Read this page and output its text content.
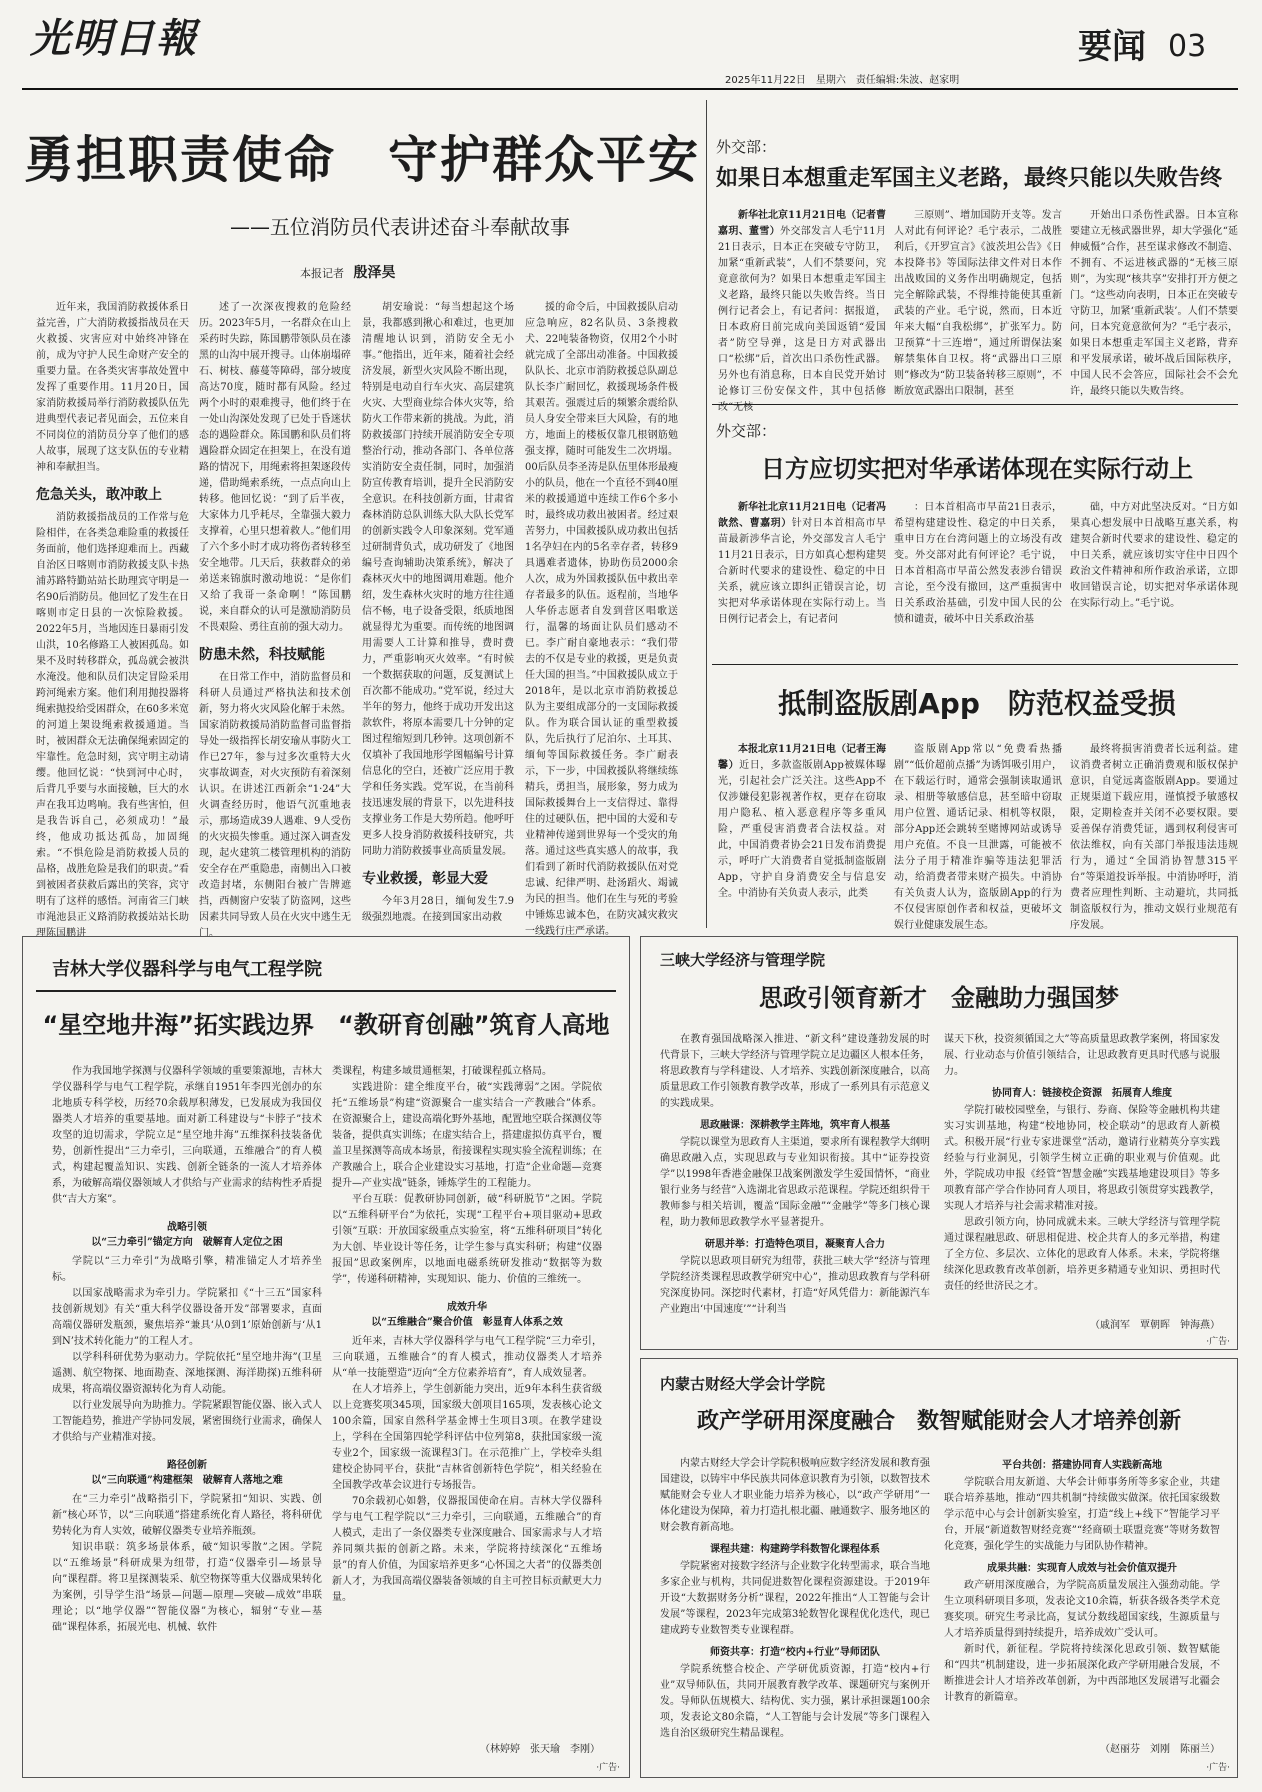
光明日報
2025年11月22日　星期六　责任编辑:朱波、赵家明
要闻 03
勇担职责使命　守护群众平安
——五位消防员代表讲述奋斗奉献故事
本报记者 殷泽昊

近年来，我国消防救援体系日益完善，广大消防救援指战员在天火救援、灾害应对中始终冲锋在前，成为守护人民生命财产安全的重要力量。在各类灾害事故处置中发挥了重要作用。11月20日，国家消防救援局举行消防救援队伍先进典型代表记者见面会，五位来自不同岗位的消防员分享了他们的感人故事，展现了这支队伍的专业精神和奉献担当。

危急关头，敢冲敢上

消防救援指战员的工作常与危险相伴，在各类急难险重的救援任务面前，他们选择迎难而上。西藏自治区日喀则市消防救援支队卡热浦苏路特勤站站长助理宾守明是一名90后消防员。他回忆了发生在日喀则市定日县的一次惊险救援。2022年5月，当地因连日暴雨引发山洪，10名修路工人被困孤岛。如果不及时转移群众，孤岛就会被洪水淹没。他和队员们决定冒险采用跨河绳索方案。他们利用抛投器将绳索抛投给受困群众，在60多米宽的河道上架设绳索救援通道。当时，被困群众无法确保绳索固定的牢靠性。危急时刻，宾守明主动请缨。他回忆说：“快到河中心时，后背几乎要与水面接触，巨大的水声在我耳边鸣响。我有些害怕，但是我告诉自己，必须成功！”最终，他成功抵达孤岛，加固绳索。“不惧危险是消防救援人员的品格，战胜危险是我们的职责。”看到被困者获救后露出的笑容，宾守明有了这样的感悟。河南省三门峡市渑池县正义路消防救援站站长助理陈国鹏讲

述了一次深夜搜救的危险经历。2023年5月，一名群众在山上采药时失踪，陈国鹏带领队员在漆黑的山沟中展开搜寻。山体崩塌碎石、树枝、藤蔓等障碍，部分坡度高达70度，随时都有风险。经过两个小时的艰难搜寻，他们终于在一处山沟深处发现了已处于昏迷状态的遇险群众。陈国鹏和队员们将遇险群众固定在担架上，在没有道路的情况下，用绳索将担架逐段传递，借助绳索系统，一点点向山上转移。他回忆说：“到了后半夜，大家体力几乎耗尽，全靠强大毅力支撑着，心里只想着救人。”他们用了六个多小时才成功将伤者转移至安全地带。几天后，获救群众的弟弟送来锦旗时激动地说：“是你们又给了我哥一条命啊！”陈国鹏说，来自群众的认可是激励消防员不畏艰险、勇往直前的强大动力。

防患未然，科技赋能

在日常工作中，消防监督员和科研人员通过严格执法和技术创新，努力将火灾风险化解于未然。国家消防救援局消防监督司监督指导处一级指挥长胡安瑜从事防火工作已27年，参与过多次重特大火灾事故调查，对火灾预防有着深刻认识。在讲述江西新余“1·24”大火调查经历时，他语气沉重地表示，那场造成39人遇难、9人受伤的火灾损失惨重。通过深入调查发现，起火建筑二楼管理机构的消防安全存在严重隐患，南侧出入口被改造封堵，东侧阳台被广告牌遮挡，西侧窗户安装了防盗网，这些因素共同导致人员在火灾中逃生无门。

胡安瑜说：“每当想起这个场景，我都感到揪心和难过，也更加清醒地认识到，消防安全无小事。”他指出，近年来，随着社会经济发展，新型火灾风险不断出现，特别是电动自行车火灾、高层建筑火灾、大型商业综合体火灾等，给防火工作带来新的挑战。为此，消防救援部门持续开展消防安全专项整治行动，推动各部门、各单位落实消防安全责任制，同时，加强消防宣传教育培训，提升全民消防安全意识。在科技创新方面，甘肃省森林消防总队训练大队大队长党军的创新实践令人印象深刻。党军通过研制背负式，成功研发了《地图编号查询辅助决策系统》，解决了森林灭火中的地图调用难题。他介绍，发生森林火灾时的地方往往通信不畅，电子设备受限，纸质地图就显得尤为重要。而传统的地图调用需要人工计算和推导，费时费力，严重影响灭火效率。“有时候一个数据获取的问题，反复测试上百次都不能成功。”党军说，经过大半年的努力，他终于成功开发出这款软件，将原本需要几十分钟的定图过程缩短到几秒钟。这项创新不仅填补了我国地形学图幅编号计算信息化的空白，还被广泛应用于教学和任务实践。党军说，在当前科技迅速发展的背景下，以先进科技支撑业务工作是大势所趋。他呼吁更多人投身消防救援科技研究，共同助力消防救援事业高质量发展。

专业救援，彰显大爱

今年3月28日，缅甸发生7.9级强烈地震。在接到国家出动救

援的命令后，中国救援队启动应急响应，82名队员、3条搜救犬、22吨装备物资，仅用2个小时就完成了全部出动准备。中国救援队队长、北京市消防救援总队副总队长李广耐回忆，救援现场条件极其艰苦。强震过后的频繁余震给队员人身安全带来巨大风险，有的地方，地面上的楼板仅靠几根钢筋勉强支撑，随时可能发生二次坍塌。00后队员李圣涛是队伍里体形最瘦小的队员，他在一个直径不到40厘米的救援通道中连续工作6个多小时，最终成功救出被困者。经过艰苦努力，中国救援队成功救出包括1名孕妇在内的5名幸存者，转移9具遇难者遗体，协助伤员2000余人次，成为外国救援队伍中救出幸存者最多的队伍。返程前，当地华人华侨志愿者自发到营区唱歌送行，温馨的场面让队员们感动不已。李广耐自豪地表示：“我们带去的不仅是专业的救援，更是负责任大国的担当。”中国救援队成立于2018年，是以北京市消防救援总队为主要组成部分的一支国际救援队。作为联合国认证的重型救援队，先后执行了尼泊尔、土耳其、缅甸等国际救援任务。李广耐表示，下一步，中国救援队将继续练精兵，勇担当，展形象，努力成为国际救援舞台上一支信得过、靠得住的过硬队伍，把中国的大爱和专业精神传递到世界每一个受灾的角落。通过这些真实感人的故事，我们看到了新时代消防救援队伍对党忠诚、纪律严明、赴汤蹈火、竭诚为民的担当。他们在生与死的考验中锤炼忠诚本色，在防灾减灾救灾一线践行庄严承诺。

外交部：
如果日本想重走军国主义老路，最终只能以失败告终

新华社北京11月21日电（记者曹嘉玥、董雪）外交部发言人毛宁11月21日表示，日本正在突破专守防卫，加紧“重新武装”，人们不禁要问，究竟意欲何为？如果日本想重走军国主义老路，最终只能以失败告终。当日例行记者会上，有记者问：据报道，日本政府日前完成向美国返销“爱国者”防空导弹，这是日方对武器出口“松绑”后，首次出口杀伤性武器。另外也有消息称，日本自民党开始讨论修订三份安保文件，其中包括修改“无核

三原则”、增加国防开支等。发言人对此有何评论？毛宁表示，二战胜利后，《开罗宣言》《波茨坦公告》《日本投降书》等国际法律文件对日本作出战败国的义务作出明确规定，包括完全解除武装，不得维持能使其重新武装的产业。毛宁说，然而，日本近年来大幅“自我松绑”，扩张军力。防卫预算“十三连增”，通过所谓保法案解禁集体自卫权。将“武器出口三原则”修改为“防卫装备转移三原则”，不断放宽武器出口限制，甚至

开始出口杀伤性武器。日本宣称要建立无核武器世界，却大学强化“延伸威慑”合作，甚至谋求修改不制造、不拥有、不运进核武器的“无核三原则”，为实现“核共享”安排打开方便之门。“这些动向表明，日本正在突破专守防卫，加紧‘重新武装’。人们不禁要问，日本究竟意欲何为？”毛宁表示，如果日本想重走军国主义老路，背弃和平发展承诺，破坏战后国际秩序，中国人民不会答应，国际社会不会允许，最终只能以失败告终。

外交部：
日方应切实把对华承诺体现在实际行动上

新华社北京11月21日电（记者冯歆然、曹嘉玥）针对日本首相高市早苗最新涉华言论，外交部发言人毛宁11月21日表示，日方如真心想构建契合新时代要求的建设性、稳定的中日关系，就应该立即纠正错误言论，切实把对华承诺体现在实际行动上。当日例行记者会上，有记者问

：日本首相高市早苗21日表示，希望构建建设性、稳定的中日关系，重申日方在台湾问题上的立场没有改变。外交部对此有何评论？毛宁说，日本首相高市早苗公然发表涉台错误言论，至今没有撤回，这严重损害中日关系政治基础，引发中国人民的公愤和谴责，破坏中日关系政治基

础，中方对此坚决反对。“日方如果真心想发展中日战略互惠关系，构建契合新时代要求的建设性、稳定的中日关系，就应该切实守住中日四个政治文件精神和所作政治承诺，立即收回错误言论，切实把对华承诺体现在实际行动上。”毛宁说。

抵制盗版剧App　防范权益受损

本报北京11月21日电（记者王海馨）近日，多款盗版剧App被媒体曝光，引起社会广泛关注。这些App不仅涉嫌侵犯影视著作权，更存在窃取用户隐私、植入恶意程序等多重风险，严重侵害消费者合法权益。对此，中国消费者协会21日发布消费提示，呼吁广大消费者自觉抵制盗版剧App，守护自身消费安全与信息安全。中消协有关负责人表示，此类

盗版剧App常以“免费看热播剧”“低价超前点播”为诱饵吸引用户，在下载运行时，通常会强制读取通讯录、相册等敏感信息，甚至暗中窃取用户位置、通话记录、相机等权限，部分App还会跳转至赌博网站或诱导用户充值。不良一旦泄露，可能被不法分子用于精准诈骗等违法犯罪活动，给消费者带来财产损失。中消协有关负责人认为，盗版剧App的行为不仅侵害原创作者和权益，更破坏文娱行业健康发展生态。

最终将损害消费者长远利益。建议消费者树立正确消费观和版权保护意识，自觉远离盗版剧App。要通过正规渠道下载应用，谨慎授予敏感权限，定期检查并关闭不必要权限。要妥善保存消费凭证，遇到权利侵害可依法维权，向有关部门举报违法违规行为，通过“全国消协智慧315平台”等渠道投诉举报。中消协呼吁，消费者应理性判断、主动避坑，共同抵制盗版权行为，推动文娱行业规范有序发展。

吉林大学仪器科学与电气工程学院
“星空地井海”拓实践边界　“教研育创融”筑育人高地

作为我国地学探测与仪器科学领域的重要策源地，吉林大学仪器科学与电气工程学院，承继自1951年李四光创办的东北地质专科学校，历经70余载厚积薄发，已发展成为我国仪器类人才培养的重要基地。面对新工科建设与“卡脖子”技术攻坚的迫切需求，学院立足“星空地井海”五维探科技装备优势，创新性提出“三力牵引，三向联通，五维融合”的育人模式，构建起覆盖知识、实践、创新全链条的一流人才培养体系，为破解高端仪器领域人才供给与产业需求的结构性矛盾提供“吉大方案”。

战略引领
以“三力牵引”锚定方向　破解育人定位之困

学院以“三力牵引”为战略引擎，精准锚定人才培养坐标。

以国家战略需求为牵引力。学院紧扣《“十三五”国家科技创新规划》有关“重大科学仪器设备开发”部署要求，直面高端仪器研发瓶颈，聚焦培养“兼具‘从0到1’原始创新与‘从1到N’技术转化能力”的工程人才。

以学科科研优势为驱动力。学院依托“星空地井海”(卫星遥测、航空物探、地面勘查、深地探测、海洋勘探)五维科研成果，将高端仪器资源转化为育人动能。

以行业发展导向为助推力。学院紧跟智能仪器、嵌入式人工智能趋势，推进产学协同发展，紧密围绕行业需求，确保人才供给与产业精准对接。

路径创新
以“三向联通”构建框架　破解育人落地之难

在“三力牵引”战略指引下，学院紧扣“知识、实践、创新”核心环节，以“三向联通”搭建系统化育人路径，将科研优势转化为育人实效，破解仪器类专业培养瓶颈。

知识串联：筑多场景体系，破“知识零散”之困。学院以“五维场景”科研成果为纽带，打造“仪器牵引—场景导向”课程群。将卫星探测装采、航空物探等重大仪器成果转化为案例，引导学生沿“场景—问题—原理—突破—成效”串联理论；以“地学仪器”“智能仪器”为核心，辐射“专业—基础”课程体系，拓展光电、机械、软件

类课程，构建多域贯通框架，打破课程孤立格局。

实践进阶：建全维度平台，破“实践薄弱”之困。学院依托“五维场景”构建“资源聚合一虚实结合一产教融合”体系。在资源聚合上，建设高端化野外基地，配置地空联合探测仪等装备，提供真实训练；在虚实结合上，搭建虚拟仿真平台，覆盖卫星探测等高成本场景，衔接课程实现实验全流程训练；在产教融合上，联合企业建设实习基地，打造“企业命题—竞赛提升—产业实战”链条，锤炼学生的工程能力。

平台互联：促教研协同创新，破“科研脱节”之困。学院以“五维科研平台”为依托，实现“工程平台+项目驱动+思政引领”互联：开放国家级重点实验室，将“五维科研项目”转化为大创、毕业设计等任务，让学生参与真实科研；构建“仪器报国”思政案例库，以地面电磁系统研发推动“数据等为数学”，传递科研精神，实现知识、能力、价值的三维统一。

成效升华
以“五维融合”聚合价值　彰显育人体系之效

近年来，吉林大学仪器科学与电气工程学院“三力牵引，三向联通，五维融合”的育人模式，推动仪器类人才培养从“单一技能塑造”迈向“全方位素养培育”，育人成效显著。

在人才培养上，学生创新能力突出，近9年本科生获省级以上竞赛奖项345项，国家级大创项目165项，发表核心论文100余篇，国家自然科学基金博士生项目3项。在教学建设上，学科在全国第四轮学科评估中位列第8，获批国家级一流专业2个，国家级一流课程3门。在示范推广上，学校牵头组建校企协同平台，获批“吉林省创新特色学院”，相关经验在全国教学改革会议进行专场报告。

70余载初心如磐，仪器报国使命在肩。吉林大学仪器科学与电气工程学院以“三力牵引，三向联通，五维融合”的育人模式，走出了一条仪器类专业深度融合、国家需求与人才培养同频共振的创新之路。未来，学院将持续深化“五维场景”的育人价值，为国家培养更多“心怀国之大者”的仪器类创新人才，为我国高端仪器装备领域的自主可控目标贡献更大力量。

（林婷婷　张天瑜　李刚）
·广告·
三峡大学经济与管理学院
思政引领育新才　金融助力强国梦

在教育强国战略深入推进、“新文科”建设蓬勃发展的时代背景下，三峡大学经济与管理学院立足边疆区人根本任务，将思政教育与学科建设、人才培养、实践创新深度融合，以高质量思政工作引领教育教学改革，形成了一系列具有示范意义的实践成果。

思政融课：深耕教学主阵地，筑牢育人根基

学院以课堂为思政育人主渠道，要求所有课程教学大纲明确思政融入点，实现思政与专业知识衔接。其中“证券投资学”以1998年香港金融保卫战案例激发学生爱国情怀，“商业银行业务与经营”入选湖北省思政示范课程。学院还组织骨干教师参与相关培训，覆盖“国际金融”“金融学”等多门核心课程，助力教师思政教学水平显著提升。

研思并举：打造特色项目，凝聚育人合力

学院以思政项目研究为纽带，获批三峡大学“经济与管理学院经济类课程思政教学研究中心”，推动思政教育与学科研究深度协同。深挖时代素材，打造“好风凭借力：新能源汽车产业跑出‘中国速度’”“计利当

谋天下秋，投资须循国之大”等高质量思政教学案例，将国家发展、行业动态与价值引领结合，让思政教育更具时代感与说服力。

协同育人：链接校企资源　拓展育人维度

学院打破校园壁垒，与银行、券商、保险等金融机构共建实习实训基地，构建“校地协同，校企联动”的思政育人新模式。积极开展“行业专家进课堂”活动，邀请行业精英分享实践经验与行业洞见，引领学生树立正确的职业观与价值观。此外，学院成功申报《经管“智慧金融”实践基地建设项目》等多项教育部产学合作协同育人项目，将思政引领贯穿实践教学，实现人才培养与社会需求精准对接。

思政引领方向，协同成就未来。三峡大学经济与管理学院通过课程融思政、研思相促进、校企共育人的多元举措，构建了全方位、多层次、立体化的思政育人体系。未来，学院将继续深化思政教育改革创新，培养更多精通专业知识、勇担时代责任的经世济民之才。

（戚润军　覃朝晖　钟海燕）
·广告·
内蒙古财经大学会计学院
政产学研用深度融合　数智赋能财会人才培养创新

内蒙古财经大学会计学院积极响应数字经济发展和教育强国建设，以铸牢中华民族共同体意识教育为引领，以数智技术赋能财会专业人才职业能力培养为核心，以“政产学研用”一体化建设为保障，着力打造扎根北疆、融通数字、服务地区的财会教育新高地。

课程共建：构建跨学科数智化课程体系

学院紧密对接数字经济与企业数字化转型需求，联合当地多家企业与机构，共同促进数智化课程资源建设。于2019年开设“大数据财务分析”课程，2022年推出“人工智能与会计发展”等课程，2023年完成第3轮数智化课程优化迭代，现已建成跨专业数智类专业课程群。

师资共享：打造“校内+行业”导师团队

学院系统整合校企、产学研优质资源，打造“校内+行业”双导师队伍，共同开展教育教学改革、课题研究与案例开发。导师队伍规模大、结构优、实力强，累计承担课题100余项，发表论文80余篇，“人工智能与会计发展”等多门课程入选自治区级研究生精品课程。

平台共创：搭建协同育人实践新高地

学院联合用友新道、大华会计师事务所等多家企业，共建联合培养基地，推动“四共机制”持续做实做深。依托国家级数学示范中心与会计创新实验室，打造“线上+线下”智能学习平台，开展“新道数智财经竞赛”“经商硕士联盟竞赛”等财务数智化竞赛，强化学生的实战能力与团队协作精神。

成果共融：实现育人成效与社会价值双提升

政产研用深度融合，为学院高质量发展注入强劲动能。学生立项科研项目多项，发表论文10余篇，斩获各级各类学术竞赛奖项。研究生考录比高，复试分数线超国家线，生源质量与人才培养质量得到持续提升，培养成效广受认可。

新时代，新征程。学院将持续深化思政引领、数智赋能和“四共”机制建设，进一步拓展深化政产学研用融合发展，不断推进会计人才培养改革创新，为中西部地区发展谱写北疆会计教育的新篇章。

（赵丽芬　刘刚　陈丽兰）
·广告·
